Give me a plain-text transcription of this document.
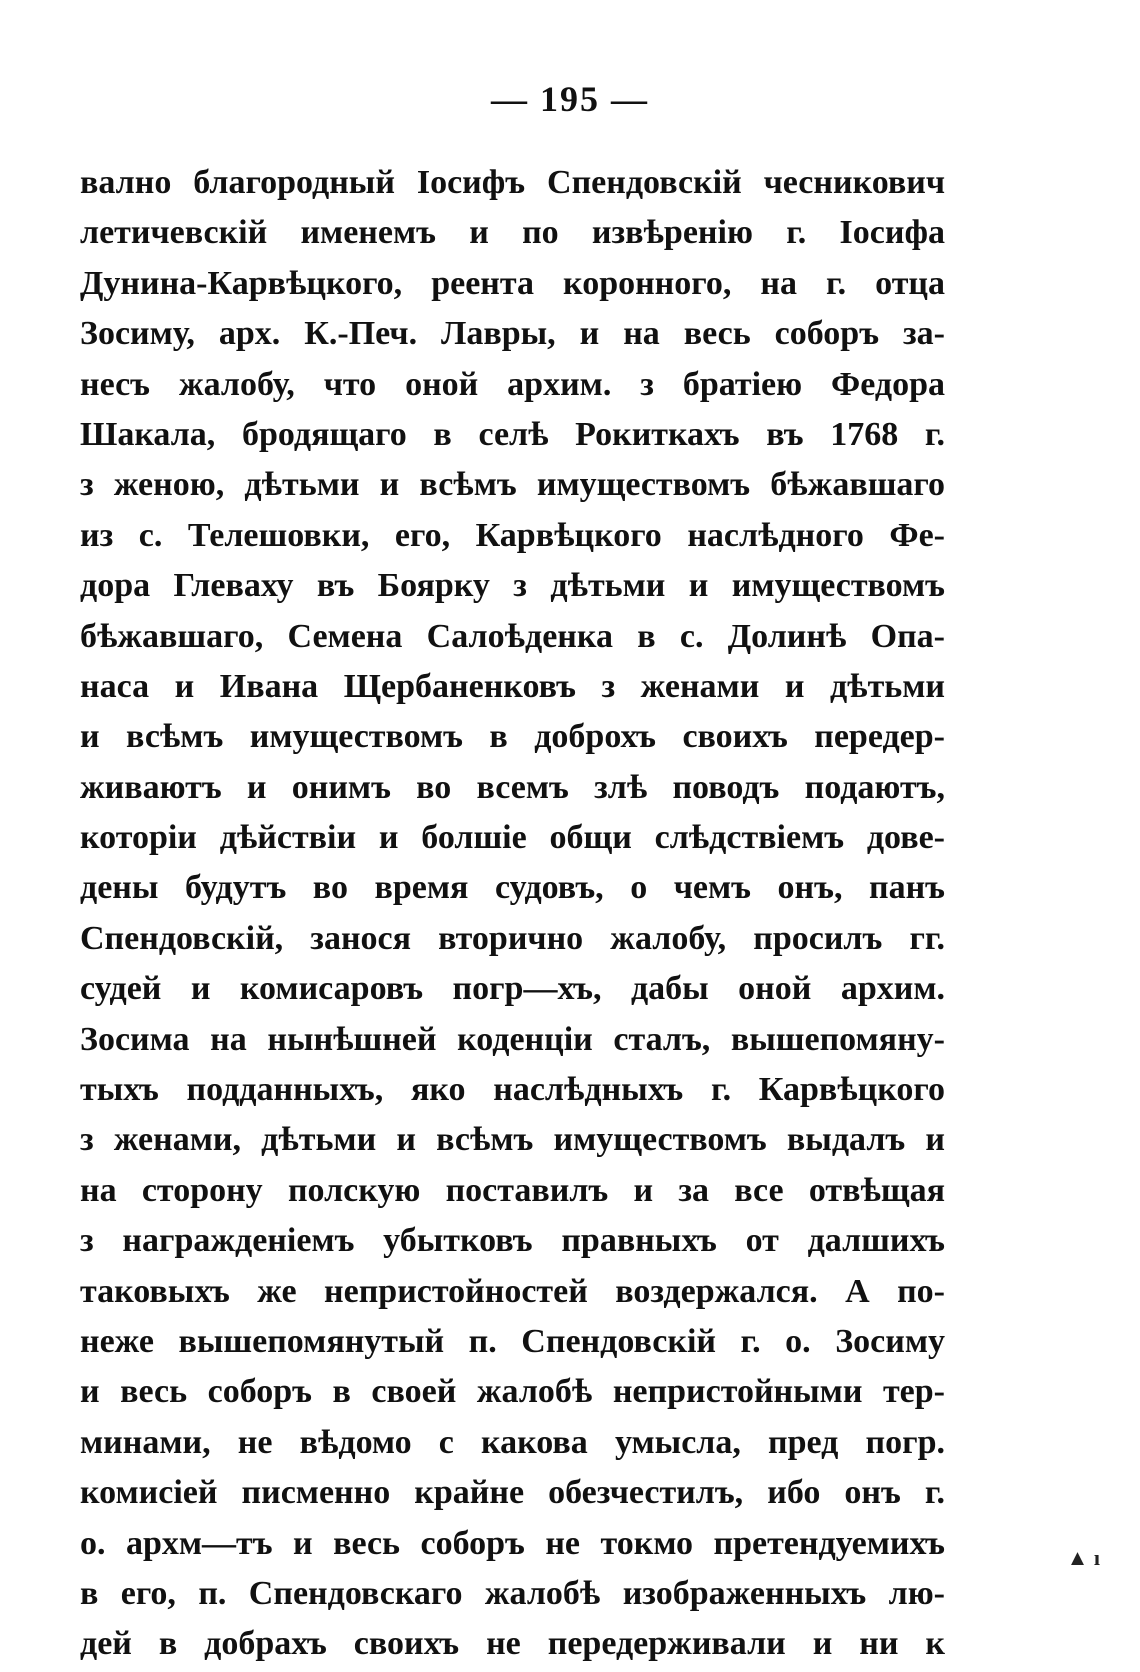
— 195 —
вално благородный Іосифъ Спендовскій чесникович
летичевскій именемъ и по извѣренію г. Іосифа
Дунина-Карвѣцкого, реента коронного, на г. отца
Зосиму, арх. К.-Печ. Лавры, и на весь соборъ за-
несъ жалобу, что оной архим. з братіею Федора
Шакала, бродящаго в селѣ Рокиткахъ въ 1768 г.
з женою, дѣтьми и всѣмъ имуществомъ бѣжавшаго
из с. Телешовки, его, Карвѣцкого наслѣдного Фе-
дора Глеваху въ Боярку з дѣтьми и имуществомъ
бѣжавшаго, Семена Салоѣденка в с. Долинѣ Опа-
наса и Ивана Щербаненковъ з женами и дѣтьми
и всѣмъ имуществомъ в доброхъ своихъ передер-
живаютъ и онимъ во всемъ злѣ поводъ подаютъ,
которіи дѣйствіи и болшіе общи слѣдствіемъ дове-
дены будутъ во время судовъ, о чемъ онъ, панъ
Спендовскій, занося вторично жалобу, просилъ гг.
судей и комисаровъ погр—хъ, дабы оной архим.
Зосима на нынѣшней коденціи сталъ, вышепомяну-
тыхъ подданныхъ, яко наслѣдныхъ г. Карвѣцкого
з женами, дѣтьми и всѣмъ имуществомъ выдалъ и
на сторону полскую поставилъ и за все отвѣщая
з награжденіемъ убытковъ правныхъ от далшихъ
таковыхъ же непристойностей воздержался. А по-
неже вышепомянутый п. Спендовскій г. о. Зосиму
и весь соборъ в своей жалобѣ непристойными тер-
минами, не вѣдомо с какова умысла, пред погр.
комисіей писменно крайне обезчестилъ, ибо онъ г.
о. архм—тъ и весь соборъ не токмо претендуемихъ
в его, п. Спендовскаго жалобѣ изображенныхъ лю-
дей в добрахъ своихъ не передерживали и ни к
▲ ı
